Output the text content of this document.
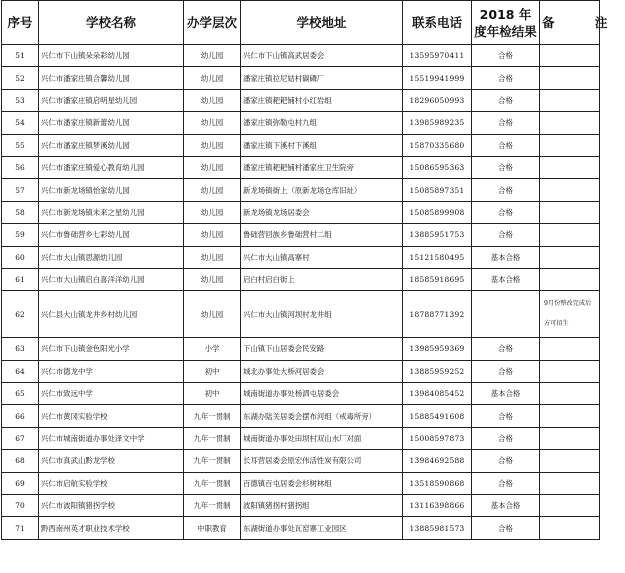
序号	学校名称	办学层次	学校地址	联系电话	2018 年度年检结果	备 注
51	兴仁市下山镇朵朵彩幼儿园	幼儿园	兴仁市下山镇高武居委会	13595970411	合格	
52	兴仁市潘家庄镇合馨幼儿园	幼儿园	潘家庄镇拉尼姑村碳磷厂	15519941999	合格	
53	兴仁市潘家庄镇启明星幼儿园	幼儿园	潘家庄镇耙耙铺村小红岩组	18296050993	合格	
54	兴仁市潘家庄镇新蕾幼儿园	幼儿园	潘家庄镇弥勒屯村九组	13985989235	合格	
55	兴仁市潘家庄镇梦溪幼儿园	幼儿园	潘家庄镇下溪村下溪组	15870335680	合格	
56	兴仁市潘家庄镇爱心教育幼儿园	幼儿园	潘家庄镇耙耙铺村潘家庄卫生院旁	15086595363	合格	
57	兴仁市新龙场镇怡家幼儿园	幼儿园	新龙场镇街上（原新龙场仓库旧址）	15085897351	合格	
58	兴仁市新龙场镇未来之星幼儿园	幼儿园	新龙场镇龙场居委会	15085899908	合格	
59	兴仁市鲁础营乡七彩幼儿园	幼儿园	鲁础营回族乡鲁础营村二组	13885951753	合格	
60	兴仁市大山镇思源幼儿园	幼儿园	兴仁市大山镇高寨村	15121580495	基本合格	
61	兴仁市大山镇启白喜洋洋幼儿园	幼儿园	启白村启白街上	18585918695	基本合格	
62	兴仁县大山镇龙井乡村幼儿园	幼儿园	兴仁市大山镇河坝村龙井组	18788771392		9月份整改完成后方可招生
63	兴仁市下山镇金色阳光小学	小学	下山镇下山居委会民安路	13985959369	合格	
64	兴仁市德龙中学	初中	城北办事处大桥河居委会	13885959252	合格	
65	兴仁市致远中学	初中	城南街道办事处杨泗屯居委会	13984085452	基本合格	
66	兴仁市黄冈实验学校	九年一贯制	东湖办陆关居委会摆布河组（戒毒所旁）	15885491608	合格	
67	兴仁市城南街道办事处泽文中学	九年一贯制	城南街道办事处田坝村双山水厂对面	15008597873	合格	
68	兴仁市真武山黔龙学校	九年一贯制	长耳营居委会原宏伟活性炭有限公司	13984692588	合格	
69	兴仁市启航实验学校	九年一贯制	百德镇百屯居委会杉树林组	13518590868	合格	
70	兴仁市波阳镇猪拐学校	九年一贯制	波阳镇猪拐村猪拐组	13116398866	基本合格	
71	黔西南州英才职业技术学校	中职教育	东湖街道办事处瓦窑寨工业园区	13885981573	合格	
